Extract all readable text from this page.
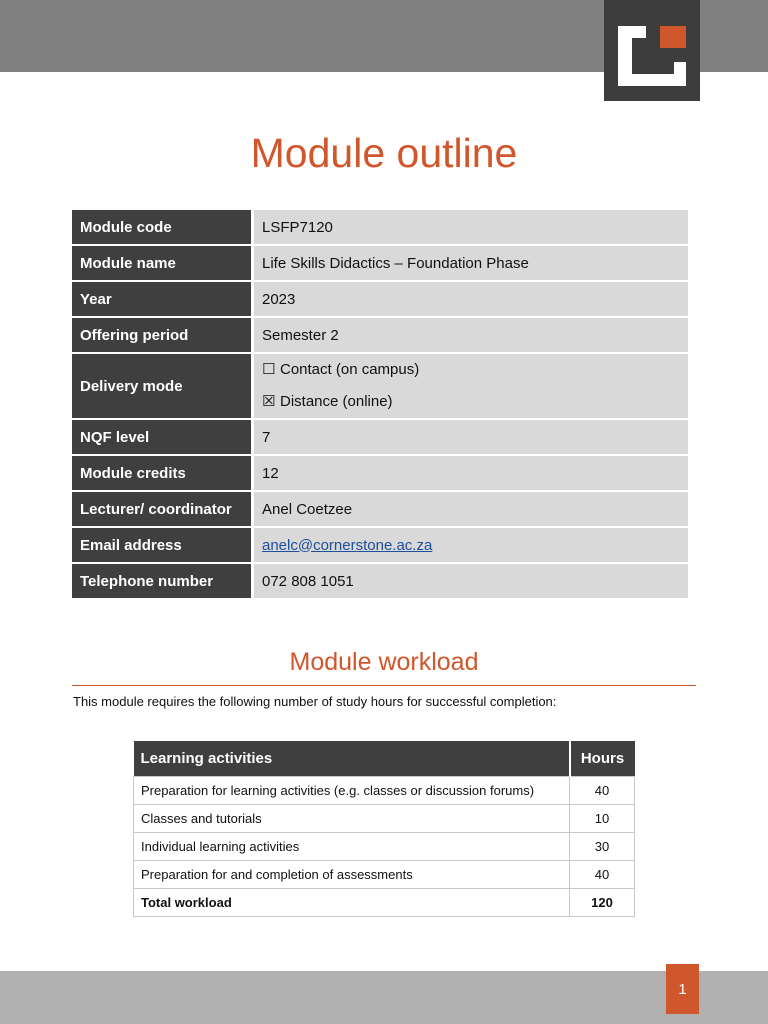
Module outline
Module code	LSFP7120
Module name	Life Skills Didactics – Foundation Phase
Year	2023
Offering period	Semester 2
Delivery mode	☐ Contact (on campus)
☒ Distance (online)

NQF level	7
Module credits	12
Lecturer/ coordinator	Anel Coetzee
Email address	anelc@cornerstone.ac.za
Telephone number	072 808 1051
Module workload
This module requires the following number of study hours for successful completion:
Learning activities	Hours
Preparation for learning activities (e.g. classes or discussion forums)	40
Classes and tutorials	10
Individual learning activities	30
Preparation for and completion of assessments	40
Total workload	120
1
